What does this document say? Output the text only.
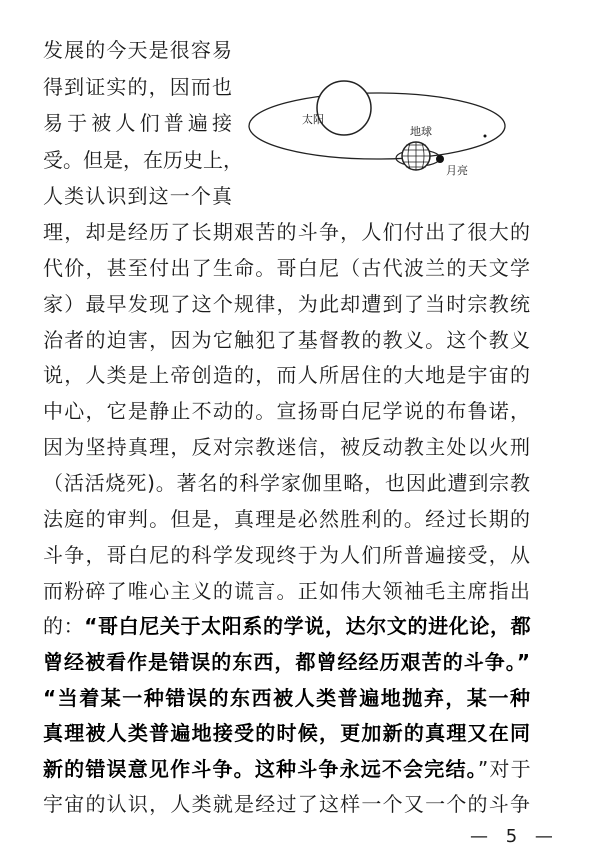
太阳
地球
月亮
发展的今天是很容易
得到证实的，因而也
易于被人们普遍接
受。但是，在历史上，
人类认识到这一个真
理，却是经历了长期艰苦的斗争，人们付出了很大的
代价，甚至付出了生命。哥白尼（古代波兰的天文学
家）最早发现了这个规律，为此却遭到了当时宗教统
治者的迫害，因为它触犯了基督教的教义。这个教义
说，人类是上帝创造的，而人所居住的大地是宇宙的
中心，它是静止不动的。宣扬哥白尼学说的布鲁诺，
因为坚持真理，反对宗教迷信，被反动教主处以火刑
（活活烧死)。著名的科学家伽里略，也因此遭到宗教
法庭的审判。但是，真理是必然胜利的。经过长期的
斗争，哥白尼的科学发现终于为人们所普遍接受，从
而粉碎了唯心主义的谎言。正如伟大领袖毛主席指出
的：“哥白尼关于太阳系的学说，达尔文的进化论，都
曾经被看作是错误的东西，都曾经经历艰苦的斗争。”
“当着某一种错误的东西被人类普遍地抛弃，某一种
真理被人类普遍地接受的时候，更加新的真理又在同
新的错误意见作斗争。这种斗争永远不会完结。”对于
宇宙的认识，人类就是经过了这样一个又一个的斗争
— 5 —
